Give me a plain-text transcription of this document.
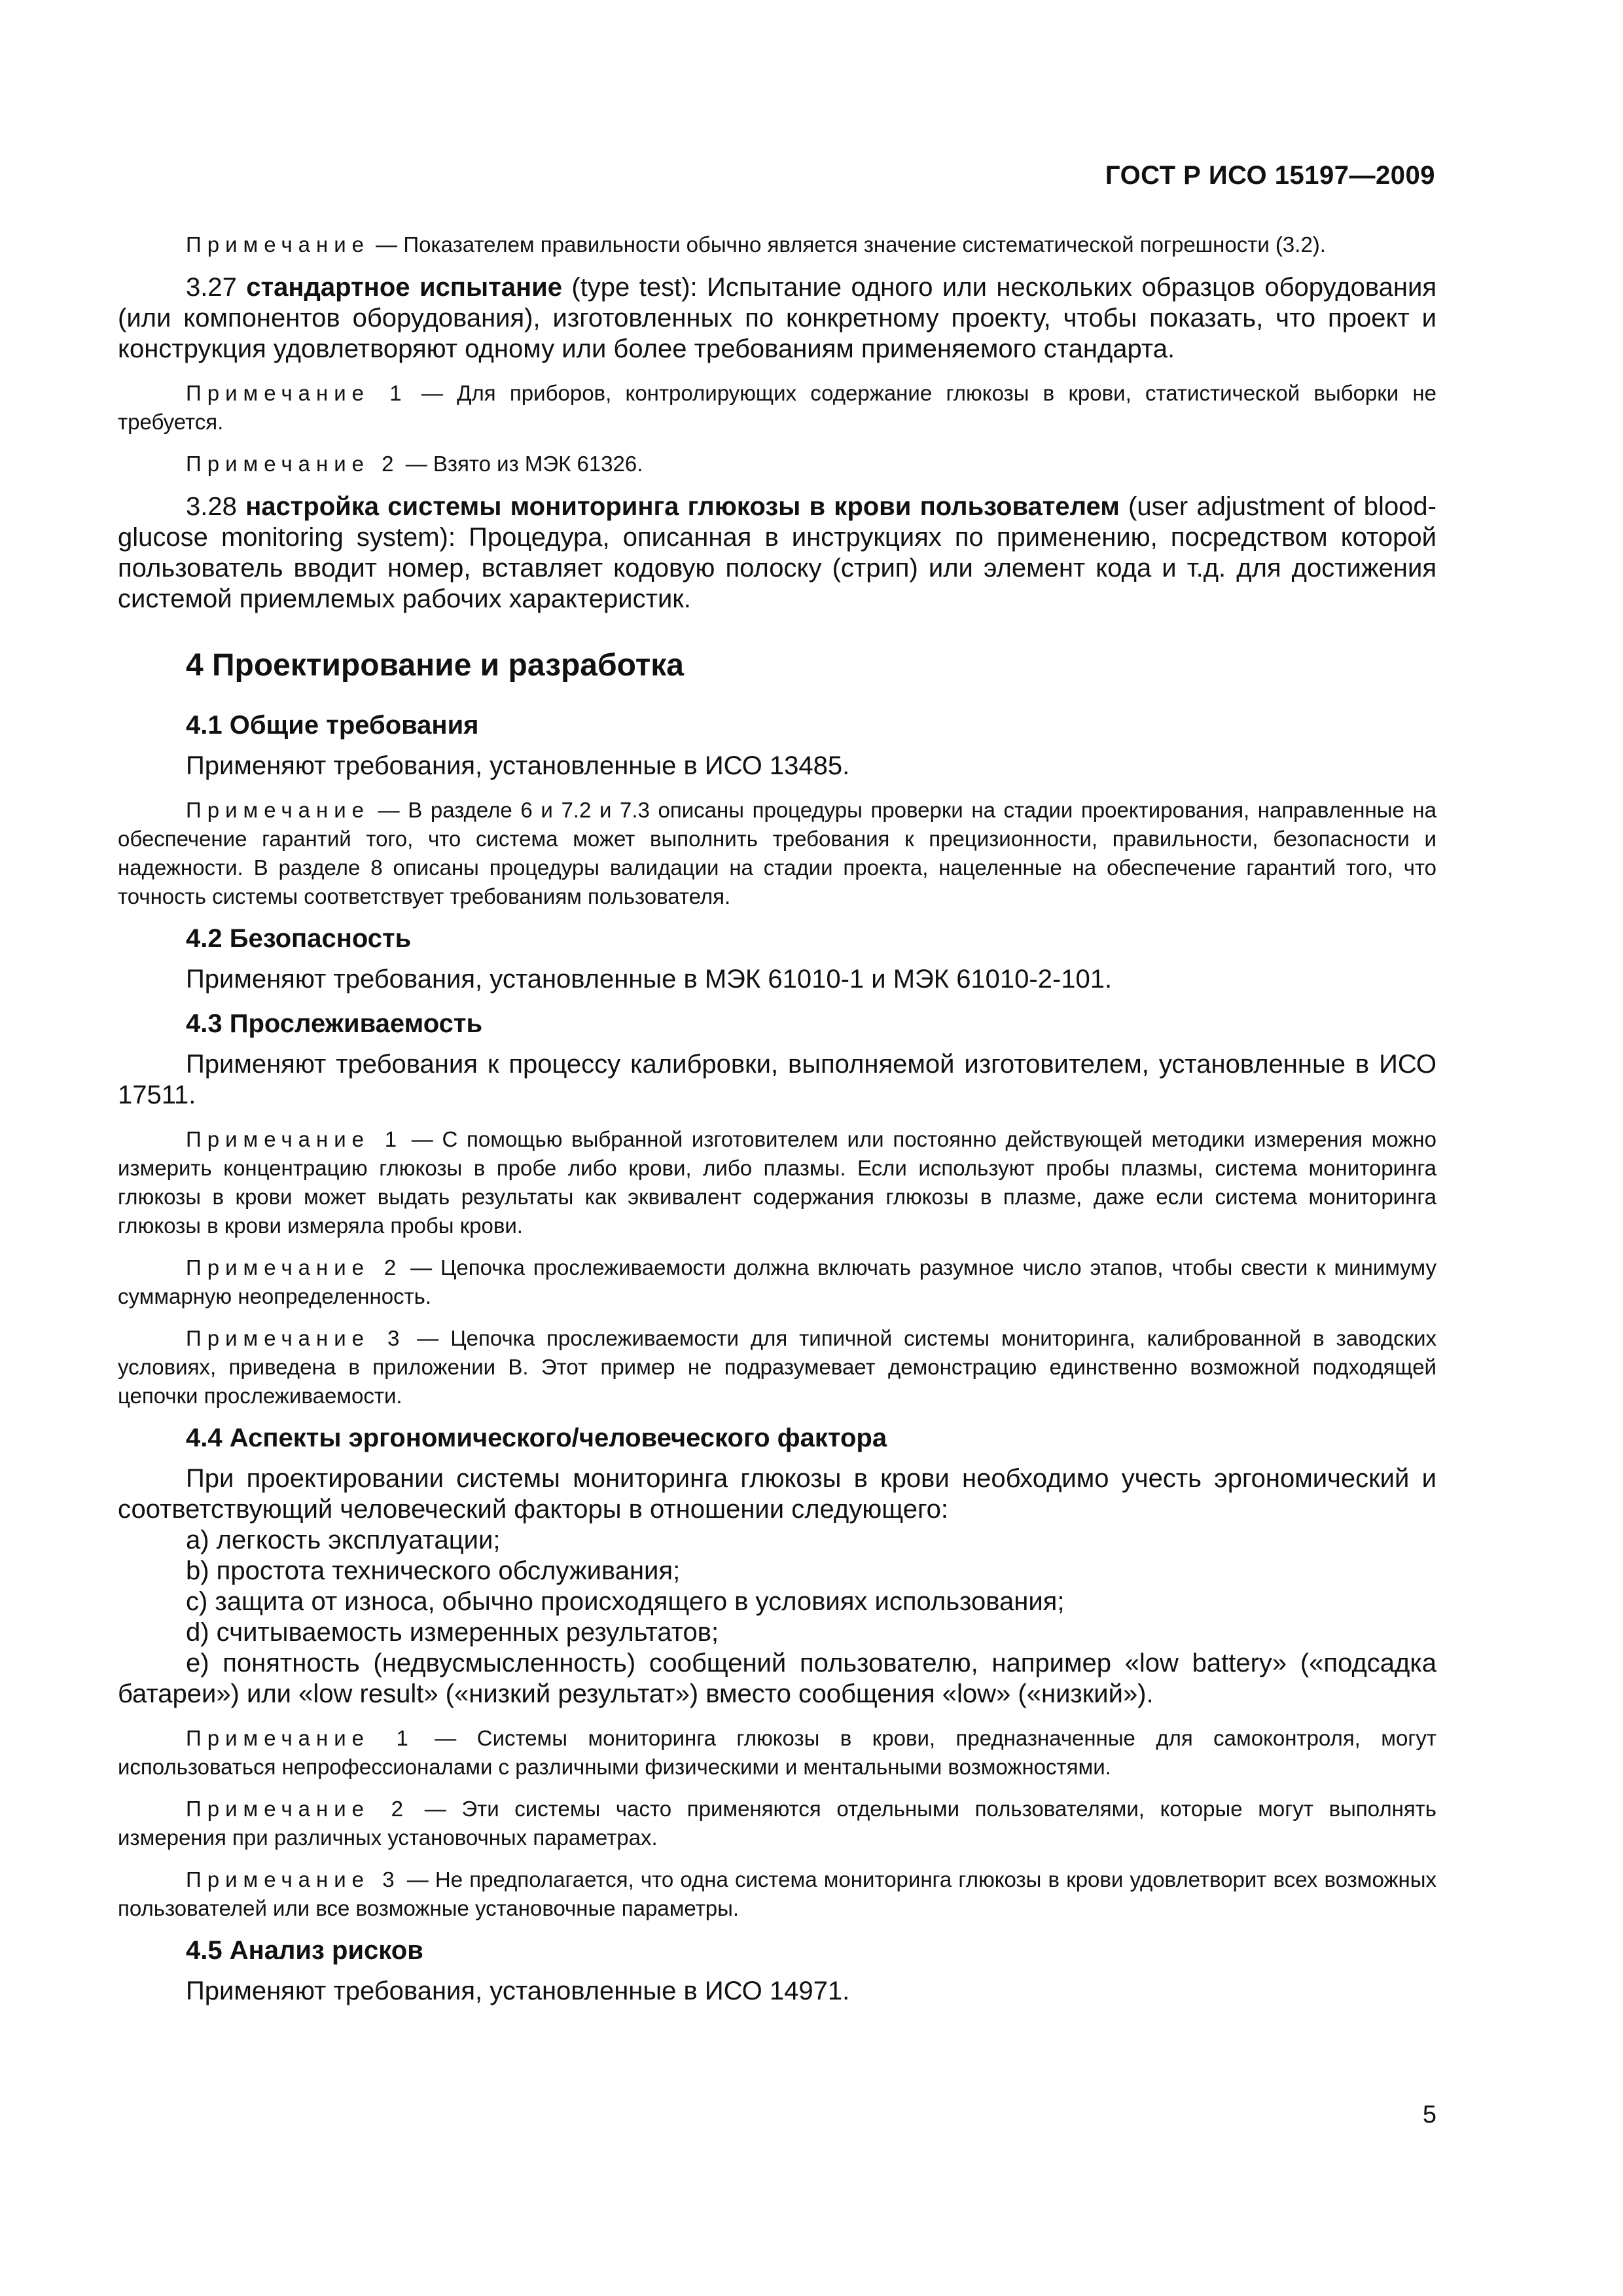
ГОСТ Р ИСО 15197—2009

Примечание — Показателем правильности обычно является значение систематической погрешности (3.2).

3.27 стандартное испытание (type test): Испытание одного или нескольких образцов оборудования (или компонентов оборудования), изготовленных по конкретному проекту, чтобы показать, что проект и конструкция удовлетворяют одному или более требованиям применяемого стандарта.

Примечание 1 — Для приборов, контролирующих содержание глюкозы в крови, статистической выборки не требуется.

Примечание 2 — Взято из МЭК 61326.

3.28 настройка системы мониторинга глюкозы в крови пользователем (user adjustment of blood-glucose monitoring system): Процедура, описанная в инструкциях по применению, посредством которой пользователь вводит номер, вставляет кодовую полоску (стрип) или элемент кода и т.д. для достижения системой приемлемых рабочих характеристик.

4 Проектирование и разработка
4.1 Общие требования

Применяют требования, установленные в ИСО 13485.

Примечание — В разделе 6 и 7.2 и 7.3 описаны процедуры проверки на стадии проектирования, направленные на обеспечение гарантий того, что система может выполнить требования к прецизионности, правильности, безопасности и надежности. В разделе 8 описаны процедуры валидации на стадии проекта, нацеленные на обеспечение гарантий того, что точность системы соответствует требованиям пользователя.

4.2 Безопасность

Применяют требования, установленные в МЭК 61010-1 и МЭК 61010-2-101.

4.3 Прослеживаемость

Применяют требования к процессу калибровки, выполняемой изготовителем, установленные в ИСО 17511.

Примечание 1 — С помощью выбранной изготовителем или постоянно действующей методики измерения можно измерить концентрацию глюкозы в пробе либо крови, либо плазмы. Если используют пробы плазмы, система мониторинга глюкозы в крови может выдать результаты как эквивалент содержания глюкозы в плазме, даже если система мониторинга глюкозы в крови измеряла пробы крови.

Примечание 2 — Цепочка прослеживаемости должна включать разумное число этапов, чтобы свести к минимуму суммарную неопределенность.

Примечание 3 — Цепочка прослеживаемости для типичной системы мониторинга, калиброванной в заводских условиях, приведена в приложении В. Этот пример не подразумевает демонстрацию единственно возможной подходящей цепочки прослеживаемости.

4.4 Аспекты эргономического/человеческого фактора

При проектировании системы мониторинга глюкозы в крови необходимо учесть эргономический и соответствующий человеческий факторы в отношении следующего:

a) легкость эксплуатации;
b) простота технического обслуживания;
c) защита от износа, обычно происходящего в условиях использования;
d) считываемость измеренных результатов;
e) понятность (недвусмысленность) сообщений пользователю, например «low battery» («подсадка батареи») или «low result» («низкий результат») вместо сообщения «low» («низкий»).

Примечание 1 — Системы мониторинга глюкозы в крови, предназначенные для самоконтроля, могут использоваться непрофессионалами с различными физическими и ментальными возможностями.

Примечание 2 — Эти системы часто применяются отдельными пользователями, которые могут выполнять измерения при различных установочных параметрах.

Примечание 3 — Не предполагается, что одна система мониторинга глюкозы в крови удовлетворит всех возможных пользователей или все возможные установочные параметры.

4.5 Анализ рисков

Применяют требования, установленные в ИСО 14971.

5
